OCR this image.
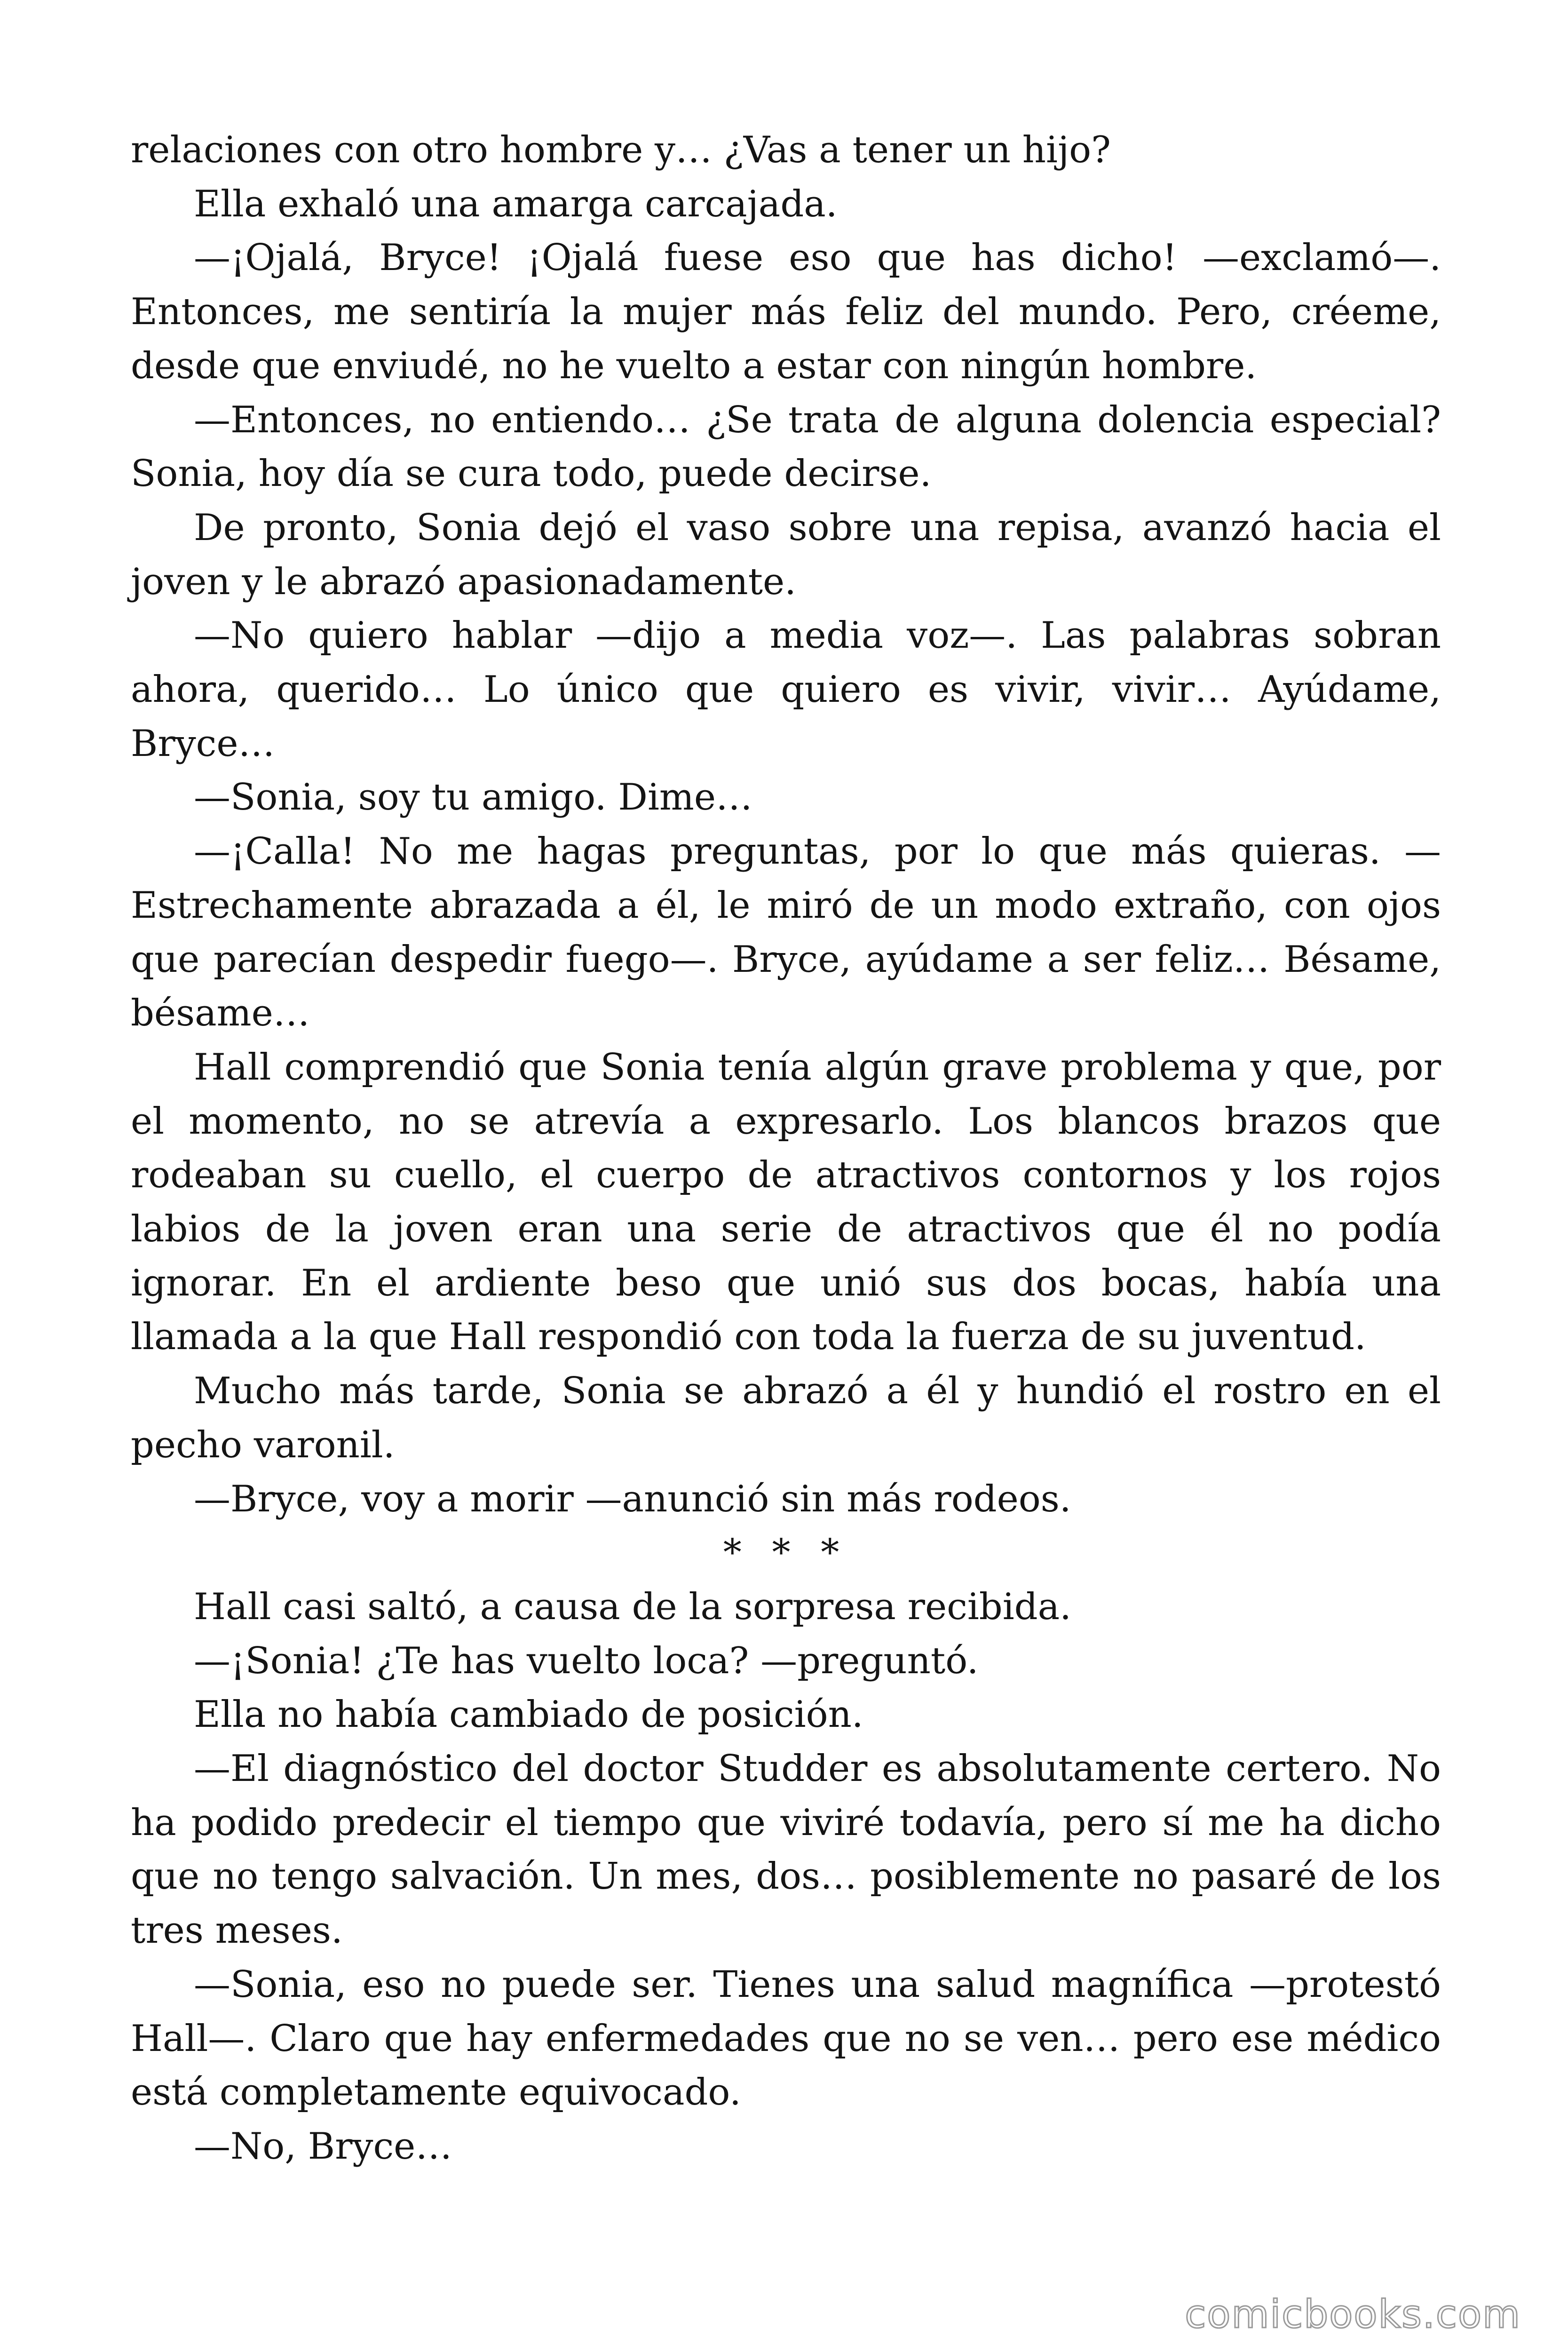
relaciones con otro hombre y… ¿Vas a tener un hijo?

Ella exhaló una amarga carcajada.

—¡Ojalá, Bryce! ¡Ojalá fuese eso que has dicho! —exclamó—. Entonces, me sentiría la mujer más feliz del mundo. Pero, créeme, desde que enviudé, no he vuelto a estar con ningún hombre.

—Entonces, no entiendo… ¿Se trata de alguna dolencia especial? Sonia, hoy día se cura todo, puede decirse.

De pronto, Sonia dejó el vaso sobre una repisa, avanzó hacia el joven y le abrazó apasionadamente.

—No quiero hablar —dijo a media voz—. Las palabras sobran ahora, querido… Lo único que quiero es vivir, vivir… Ayúdame, Bryce…

—Sonia, soy tu amigo. Dime…

—¡Calla! No me hagas preguntas, por lo que más quieras. —Estrechamente abrazada a él, le miró de un modo extraño, con ojos que parecían despedir fuego—. Bryce, ayúdame a ser feliz… Bésame, bésame…

Hall comprendió que Sonia tenía algún grave problema y que, por el momento, no se atrevía a expresarlo. Los blancos brazos que rodeaban su cuello, el cuerpo de atractivos contornos y los rojos labios de la joven eran una serie de atractivos que él no podía ignorar. En el ardiente beso que unió sus dos bocas, había una llamada a la que Hall respondió con toda la fuerza de su juventud.

Mucho más tarde, Sonia se abrazó a él y hundió el rostro en el pecho varonil.

—Bryce, voy a morir —anunció sin más rodeos.

* * *

Hall casi saltó, a causa de la sorpresa recibida.

—¡Sonia! ¿Te has vuelto loca? —preguntó.

Ella no había cambiado de posición.

—El diagnóstico del doctor Studder es absolutamente certero. No ha podido predecir el tiempo que viviré todavía, pero sí me ha dicho que no tengo salvación. Un mes, dos… posiblemente no pasaré de los tres meses.

—Sonia, eso no puede ser. Tienes una salud magnífica —protestó Hall—. Claro que hay enfermedades que no se ven… pero ese médico está completamente equivocado.

—No, Bryce…

comicbooks.com
